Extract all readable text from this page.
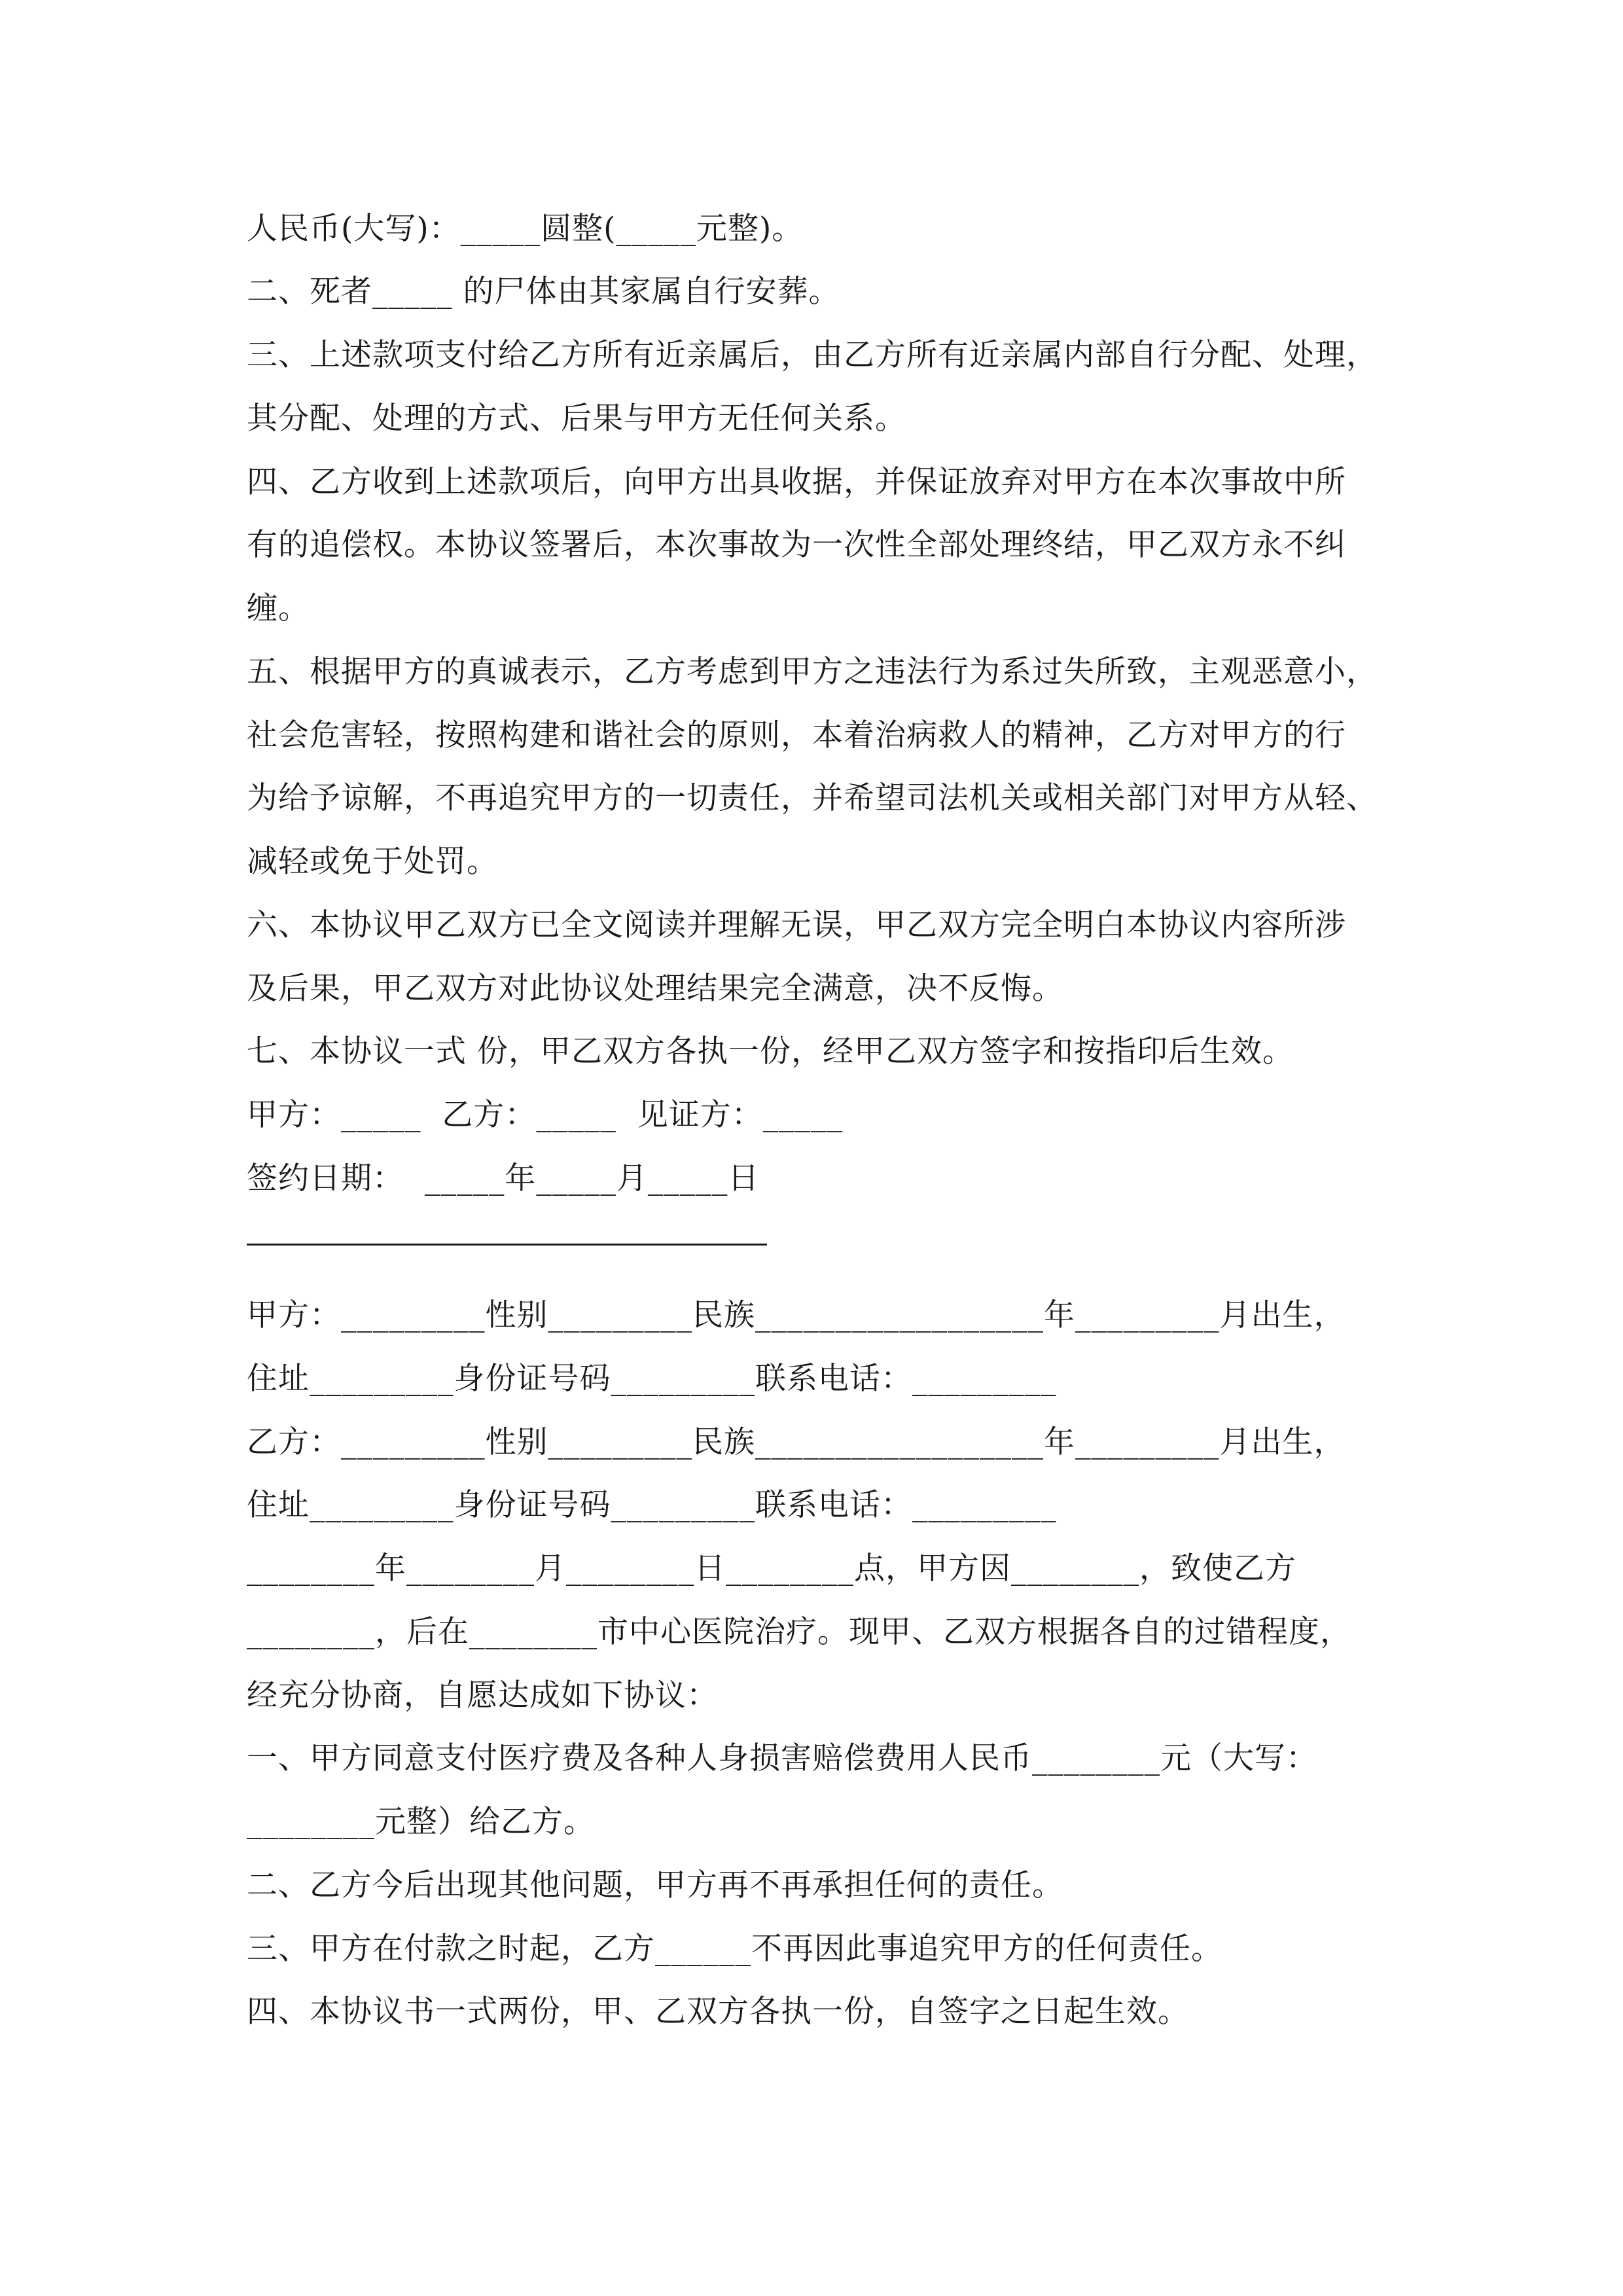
人民币(大写)：_____圆整(_____元整)。
二、死者_____ 的尸体由其家属自行安葬。
三、上述款项支付给乙方所有近亲属后，由乙方所有近亲属内部自行分配、处理，
其分配、处理的方式、后果与甲方无任何关系。
四、乙方收到上述款项后，向甲方出具收据，并保证放弃对甲方在本次事故中所
有的追偿权。本协议签署后，本次事故为一次性全部处理终结，甲乙双方永不纠
缠。
五、根据甲方的真诚表示，乙方考虑到甲方之违法行为系过失所致，主观恶意小，
社会危害轻，按照构建和谐社会的原则，本着治病救人的精神，乙方对甲方的行
为给予谅解，不再追究甲方的一切责任，并希望司法机关或相关部门对甲方从轻、
减轻或免于处罚。
六、本协议甲乙双方已全文阅读并理解无误，甲乙双方完全明白本协议内容所涉
及后果，甲乙双方对此协议处理结果完全满意，决不反悔。
七、本协议一式 份，甲乙双方各执一份，经甲乙双方签字和按指印后生效。
甲方：_____  乙方：_____  见证方：_____
签约日期：  _____年_____月_____日
甲方：_________性别_________民族__________________年_________月出生，
住址_________身份证号码_________联系电话：_________
乙方：_________性别_________民族__________________年_________月出生，
住址_________身份证号码_________联系电话：_________
________年________月________日________点，甲方因________，致使乙方
________，后在________市中心医院治疗。现甲、乙双方根据各自的过错程度，
经充分协商，自愿达成如下协议：
一、甲方同意支付医疗费及各种人身损害赔偿费用人民币________元（大写：
________元整）给乙方。
二、乙方今后出现其他问题，甲方再不再承担任何的责任。
三、甲方在付款之时起，乙方______不再因此事追究甲方的任何责任。
四、本协议书一式两份，甲、乙双方各执一份，自签字之日起生效。
